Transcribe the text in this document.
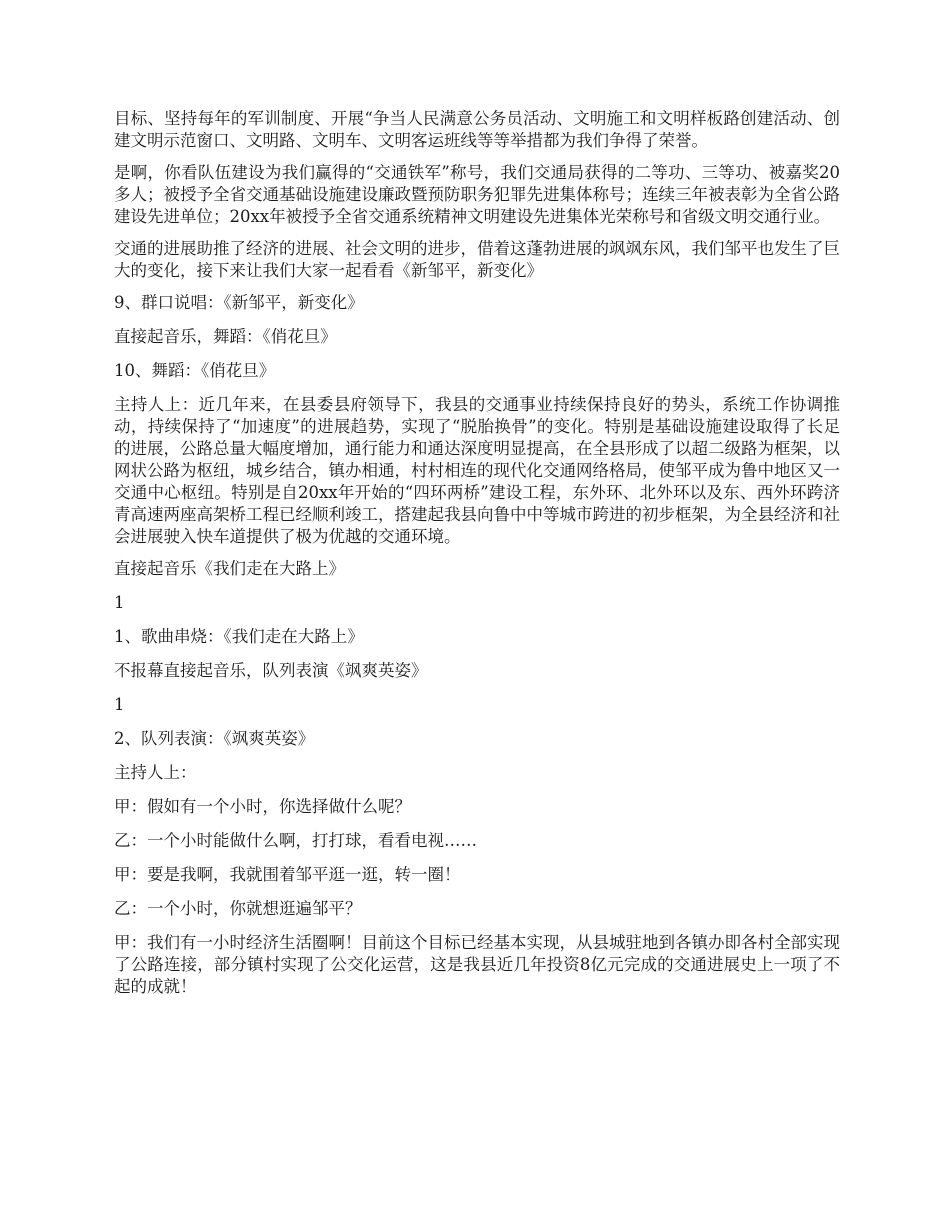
目标、坚持每年的军训制度、开展“争当人民满意公务员活动、文明施工和文明样板路创建活动、创建文明示范窗口、文明路、文明车、文明客运班线等等举措都为我们争得了荣誉。

是啊，你看队伍建设为我们赢得的“交通铁军”称号，我们交通局获得的二等功、三等功、被嘉奖20多人；被授予全省交通基础设施建设廉政暨预防职务犯罪先进集体称号；连续三年被表彰为全省公路建设先进单位；20xx年被授予全省交通系统精神文明建设先进集体光荣称号和省级文明交通行业。

交通的进展助推了经济的进展、社会文明的进步，借着这蓬勃进展的飒飒东风，我们邹平也发生了巨大的变化，接下来让我们大家一起看看《新邹平，新变化》

9、群口说唱：《新邹平，新变化》

直接起音乐，舞蹈：《俏花旦》

10、舞蹈：《俏花旦》

主持人上：近几年来，在县委县府领导下，我县的交通事业持续保持良好的势头，系统工作协调推动，持续保持了“加速度”的进展趋势，实现了“脱胎换骨”的变化。特别是基础设施建设取得了长足的进展，公路总量大幅度增加，通行能力和通达深度明显提高，在全县形成了以超二级路为框架，以网状公路为枢纽，城乡结合，镇办相通，村村相连的现代化交通网络格局，使邹平成为鲁中地区又一交通中心枢纽。特别是自20xx年开始的“四环两桥”建设工程，东外环、北外环以及东、西外环跨济青高速两座高架桥工程已经顺利竣工，搭建起我县向鲁中中等城市跨进的初步框架，为全县经济和社会进展驶入快车道提供了极为优越的交通环境。

直接起音乐《我们走在大路上》

1

1、歌曲串烧：《我们走在大路上》

不报幕直接起音乐，队列表演《飒爽英姿》

1

2、队列表演：《飒爽英姿》

主持人上：

甲：假如有一个小时，你选择做什么呢？

乙：一个小时能做什么啊，打打球，看看电视……

甲：要是我啊，我就围着邹平逛一逛，转一圈！

乙：一个小时，你就想逛遍邹平？

甲：我们有一小时经济生活圈啊！目前这个目标已经基本实现，从县城驻地到各镇办即各村全部实现了公路连接，部分镇村实现了公交化运营，这是我县近几年投资8亿元完成的交通进展史上一项了不起的成就！
